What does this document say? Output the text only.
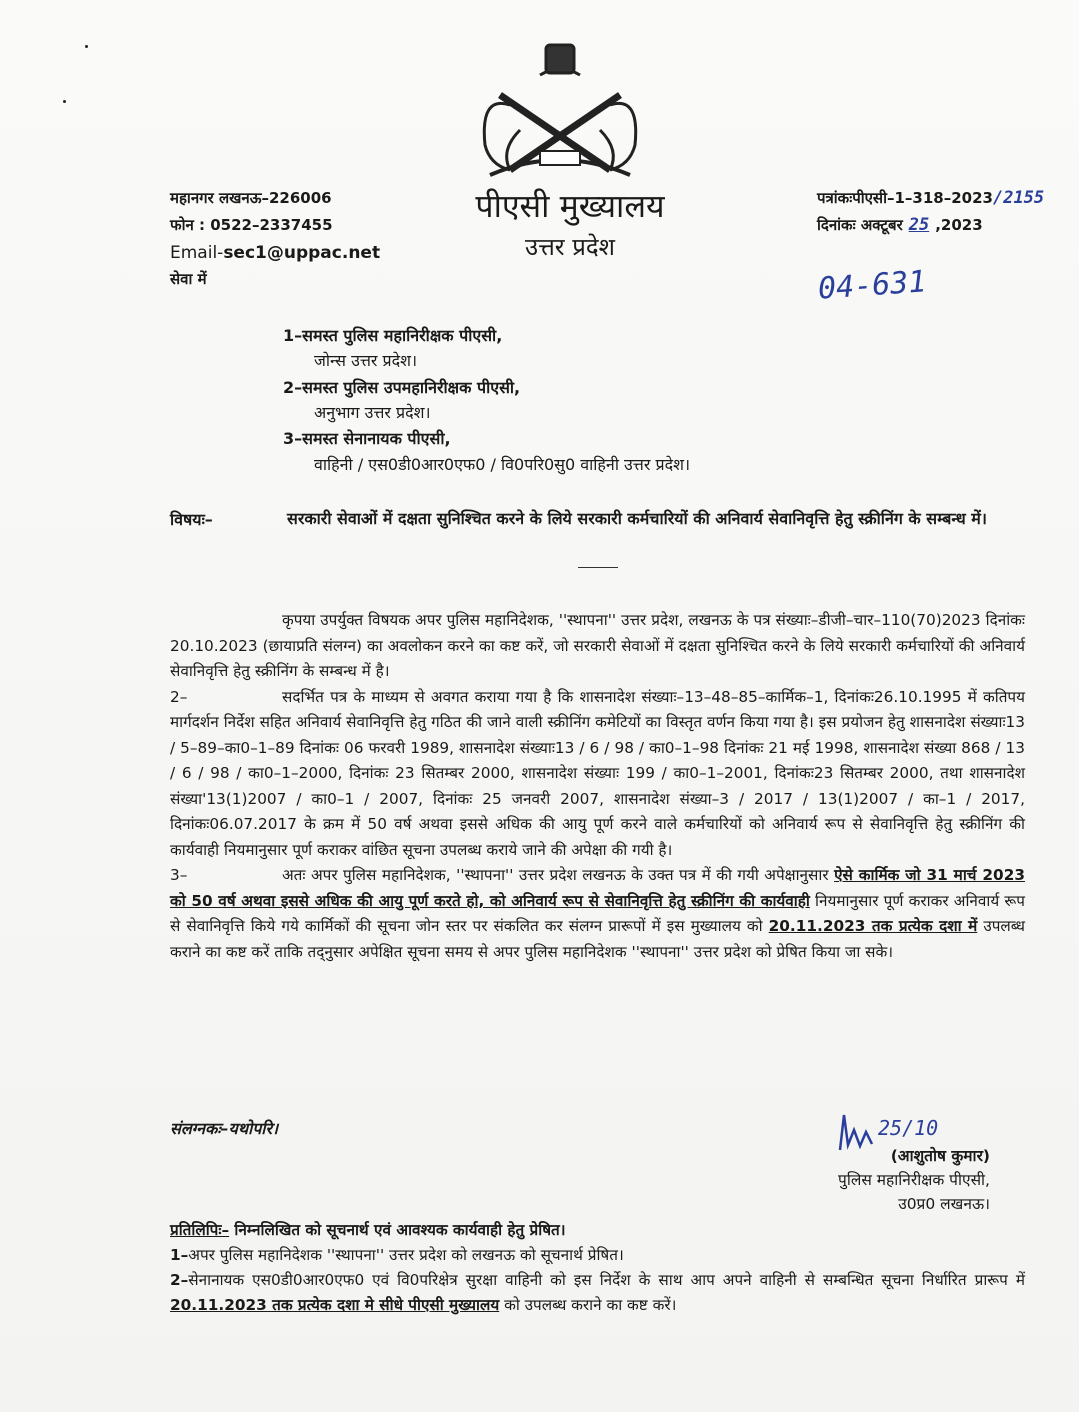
महानगर लखनऊ–226006
फोन : 0522–2337455
Email-sec1@uppac.net
सेवा में
पीएसी मुख्यालय
उत्तर प्रदेश
पत्रांकःपीएसी–1–318–2023/2155
दिनांकः अक्टूबर 25 ,2023
04-631
1–समस्त पुलिस महानिरीक्षक पीएसी,
जोन्स उत्तर प्रदेश।
2–समस्त पुलिस उपमहानिरीक्षक पीएसी,
अनुभाग उत्तर प्रदेश।
3–समस्त सेनानायक पीएसी,
वाहिनी / एस0डी0आर0एफ0 / वि0परि0सु0 वाहिनी उत्तर प्रदेश।
विषयः–	सरकारी सेवाओं में दक्षता सुनिश्चित करने के लिये सरकारी कर्मचारियों की अनिवार्य सेवानिवृत्ति हेतु स्क्रीनिंग के सम्बन्ध में।

कृपया उपर्युक्त विषयक अपर पुलिस महानिदेशक, ''स्थापना'' उत्तर प्रदेश, लखनऊ के पत्र संख्याः–डीजी–चार–110(70)2023 दिनांकः 20.10.2023 (छायाप्रति संलग्न) का अवलोकन करने का कष्ट करें, जो सरकारी सेवाओं में दक्षता सुनिश्चित करने के लिये सरकारी कर्मचारियों की अनिवार्य सेवानिवृत्ति हेतु स्क्रीनिंग के सम्बन्ध में है।

2–	सदर्भित पत्र के माध्यम से अवगत कराया गया है कि शासनादेश संख्याः–13–48–85–कार्मिक–1, दिनांकः26.10.1995 में कतिपय मार्गदर्शन निर्देश सहित अनिवार्य सेवानिवृत्ति हेतु गठित की जाने वाली स्क्रीनिंग कमेटियों का विस्तृत वर्णन किया गया है। इस प्रयोजन हेतु शासनादेश संख्याः13 / 5–89–का0–1–89 दिनांकः 06 फरवरी 1989, शासनादेश संख्याः13 / 6 / 98 / का0–1–98 दिनांकः 21 मई 1998, शासनादेश संख्या 868 / 13 / 6 / 98 / का0–1–2000, दिनांकः 23 सितम्बर 2000, शासनादेश संख्याः 199 / का0–1–2001, दिनांकः23 सितम्बर 2000, तथा शासनादेश संख्या'13(1)2007 / का0–1 / 2007, दिनांकः 25 जनवरी 2007, शासनादेश संख्या–3 / 2017 / 13(1)2007 / का–1 / 2017, दिनांकः06.07.2017 के क्रम में 50 वर्ष अथवा इससे अधिक की आयु पूर्ण करने वाले कर्मचारियों को अनिवार्य रूप से सेवानिवृत्ति हेतु स्क्रीनिंग की कार्यवाही नियमानुसार पूर्ण कराकर वांछित सूचना उपलब्ध कराये जाने की अपेक्षा की गयी है।

3–	अतः अपर पुलिस महानिदेशक, ''स्थापना'' उत्तर प्रदेश लखनऊ के उक्त पत्र में की गयी अपेक्षानुसार ऐसे कार्मिक जो 31 मार्च 2023 को 50 वर्ष अथवा इससे अधिक की आयु पूर्ण करते हो, को अनिवार्य रूप से सेवानिवृत्ति हेतु स्क्रीनिंग की कार्यवाही नियमानुसार पूर्ण कराकर अनिवार्य रूप से सेवानिवृत्ति किये गये कार्मिकों की सूचना जोन स्तर पर संकलित कर संलग्न प्रारूपों में इस मुख्यालय को 20.11.2023 तक प्रत्येक दशा में उपलब्ध कराने का कष्ट करें ताकि तद्नुसार अपेक्षित सूचना समय से अपर पुलिस महानिदेशक ''स्थापना'' उत्तर प्रदेश को प्रेषित किया जा सके।

संलग्नकः–यथोपरि।	25/10
(आशुतोष कुमार)
पुलिस महानिरीक्षक पीएसी,
उ0प्र0 लखनऊ।

प्रतिलिपिः– निम्नलिखित को सूचनार्थ एवं आवश्यक कार्यवाही हेतु प्रेषित।

1–अपर पुलिस महानिदेशक ''स्थापना'' उत्तर प्रदेश को लखनऊ को सूचनार्थ प्रेषित।

2–सेनानायक एस0डी0आर0एफ0 एवं वि0परिक्षेत्र सुरक्षा वाहिनी को इस निर्देश के साथ आप अपने वाहिनी से सम्बन्धित सूचना निर्धारित प्रारूप में 20.11.2023 तक प्रत्येक दशा मे सीधे पीएसी मुख्यालय को उपलब्ध कराने का कष्ट करें।
